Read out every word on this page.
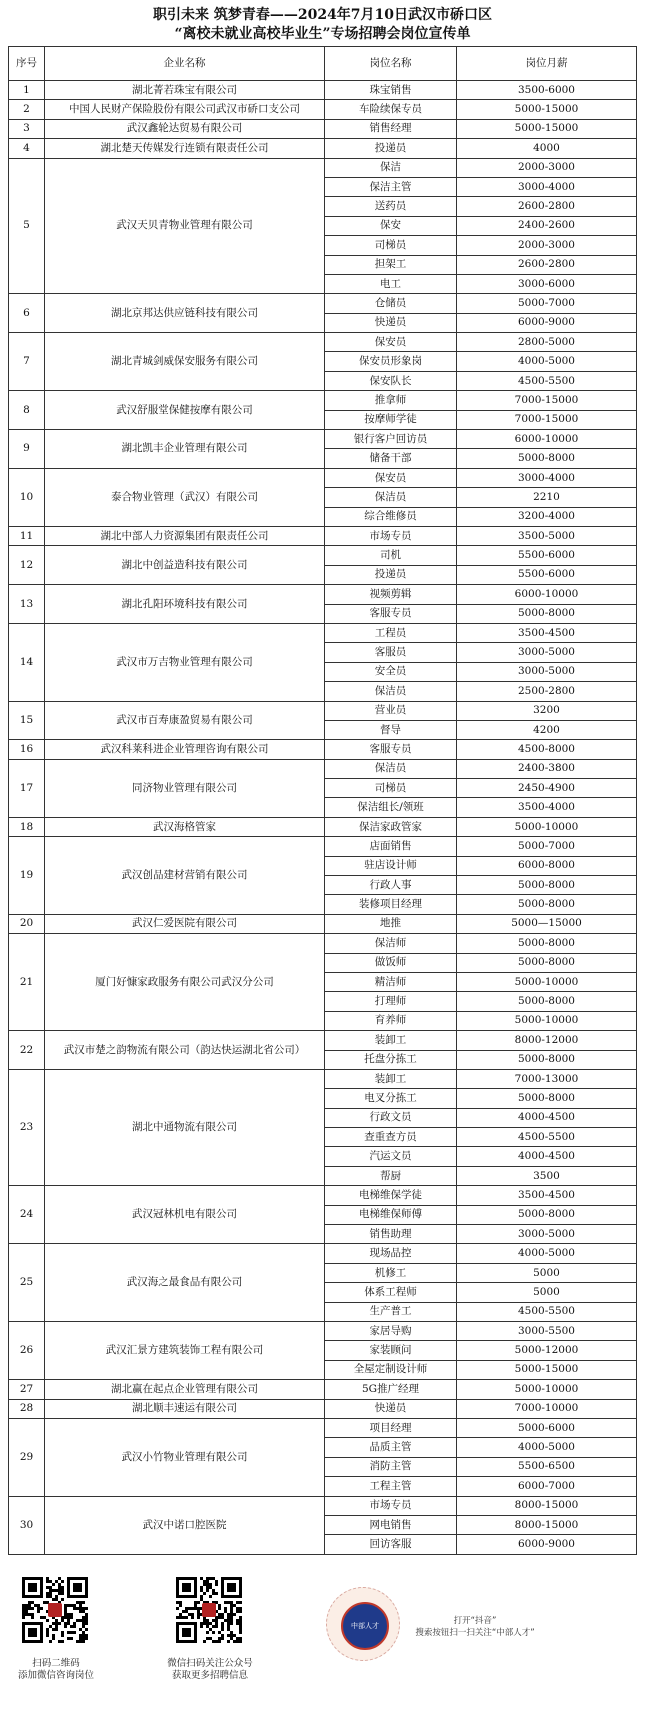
职引未来 筑梦青春——2024年7月10日武汉市硚口区
“离校未就业高校毕业生”专场招聘会岗位宣传单
序号	企业名称	岗位名称	岗位月薪
1	湖北菁若珠宝有限公司	珠宝销售	3500-6000
2	中国人民财产保险股份有限公司武汉市硚口支公司	车险续保专员	5000-15000
3	武汉鑫轮达贸易有限公司	销售经理	5000-15000
4	湖北楚天传媒发行连锁有限责任公司	投递员	4000
5	武汉天贝青物业管理有限公司	保洁	2000-3000
		保洁主管	3000-4000
		送药员	2600-2800
		保安	2400-2600
		司梯员	2000-3000
		担架工	2600-2800
		电工	3000-6000
6	湖北京邦达供应链科技有限公司	仓储员	5000-7000
		快递员	6000-9000
7	湖北青城剑威保安服务有限公司	保安员	2800-5000
		保安员形象岗	4000-5000
		保安队长	4500-5500
8	武汉舒服堂保健按摩有限公司	推拿师	7000-15000
		按摩师学徒	7000-15000
9	湖北凯丰企业管理有限公司	银行客户回访员	6000-10000
		储备干部	5000-8000
10	泰合物业管理（武汉）有限公司	保安员	3000-4000
		保洁员	2210
		综合维修员	3200-4000
11	湖北中部人力资源集团有限责任公司	市场专员	3500-5000
12	湖北中创益造科技有限公司	司机	5500-6000
		投递员	5500-6000
13	湖北孔阳环境科技有限公司	视频剪辑	6000-10000
		客服专员	5000-8000
14	武汉市万吉物业管理有限公司	工程员	3500-4500
		客服员	3000-5000
		安全员	3000-5000
		保洁员	2500-2800
15	武汉市百寿康盈贸易有限公司	营业员	3200
		督导	4200
16	武汉科莱科进企业管理咨询有限公司	客服专员	4500-8000
17	同济物业管理有限公司	保洁员	2400-3800
		司梯员	2450-4900
		保洁组长/领班	3500-4000
18	武汉海格管家	保洁家政管家	5000-10000
19	武汉创品建材营销有限公司	店面销售	5000-7000
		驻店设计师	6000-8000
		行政人事	5000-8000
		装修项目经理	5000-8000
20	武汉仁爱医院有限公司	地推	5000—15000
21	厦门好慷家政服务有限公司武汉分公司	保洁师	5000-8000
		做饭师	5000-8000
		精洁师	5000-10000
		打理师	5000-8000
		育养师	5000-10000
22	武汉市楚之韵物流有限公司（韵达快运湖北省公司）	装卸工	8000-12000
		托盘分拣工	5000-8000
23	湖北中通物流有限公司	装卸工	7000-13000
		电叉分拣工	5000-8000
		行政文员	4000-4500
		查重查方员	4500-5500
		汽运文员	4000-4500
		帮厨	3500
24	武汉冠林机电有限公司	电梯维保学徒	3500-4500
		电梯维保师傅	5000-8000
		销售助理	3000-5000
25	武汉海之最食品有限公司	现场品控	4000-5000
		机修工	5000
		体系工程师	5000
		生产普工	4500-5500
26	武汉汇景方建筑装饰工程有限公司	家居导购	3000-5500
		家装顾问	5000-12000
		全屋定制设计师	5000-15000
27	湖北赢在起点企业管理有限公司	5G推广经理	5000-10000
28	湖北顺丰速运有限公司	快递员	7000-10000
29	武汉小竹物业管理有限公司	项目经理	5000-6000
		品质主管	4000-5000
		消防主管	5500-6500
		工程主管	6000-7000
30	武汉中诺口腔医院	市场专员	8000-15000
		网电销售	8000-15000
		回访客服	6000-9000
扫码二维码
添加微信咨询岗位
微信扫码关注公众号
获取更多招聘信息
中部人才	打开“抖音”
搜索按钮扫一扫关注“中部人才”
